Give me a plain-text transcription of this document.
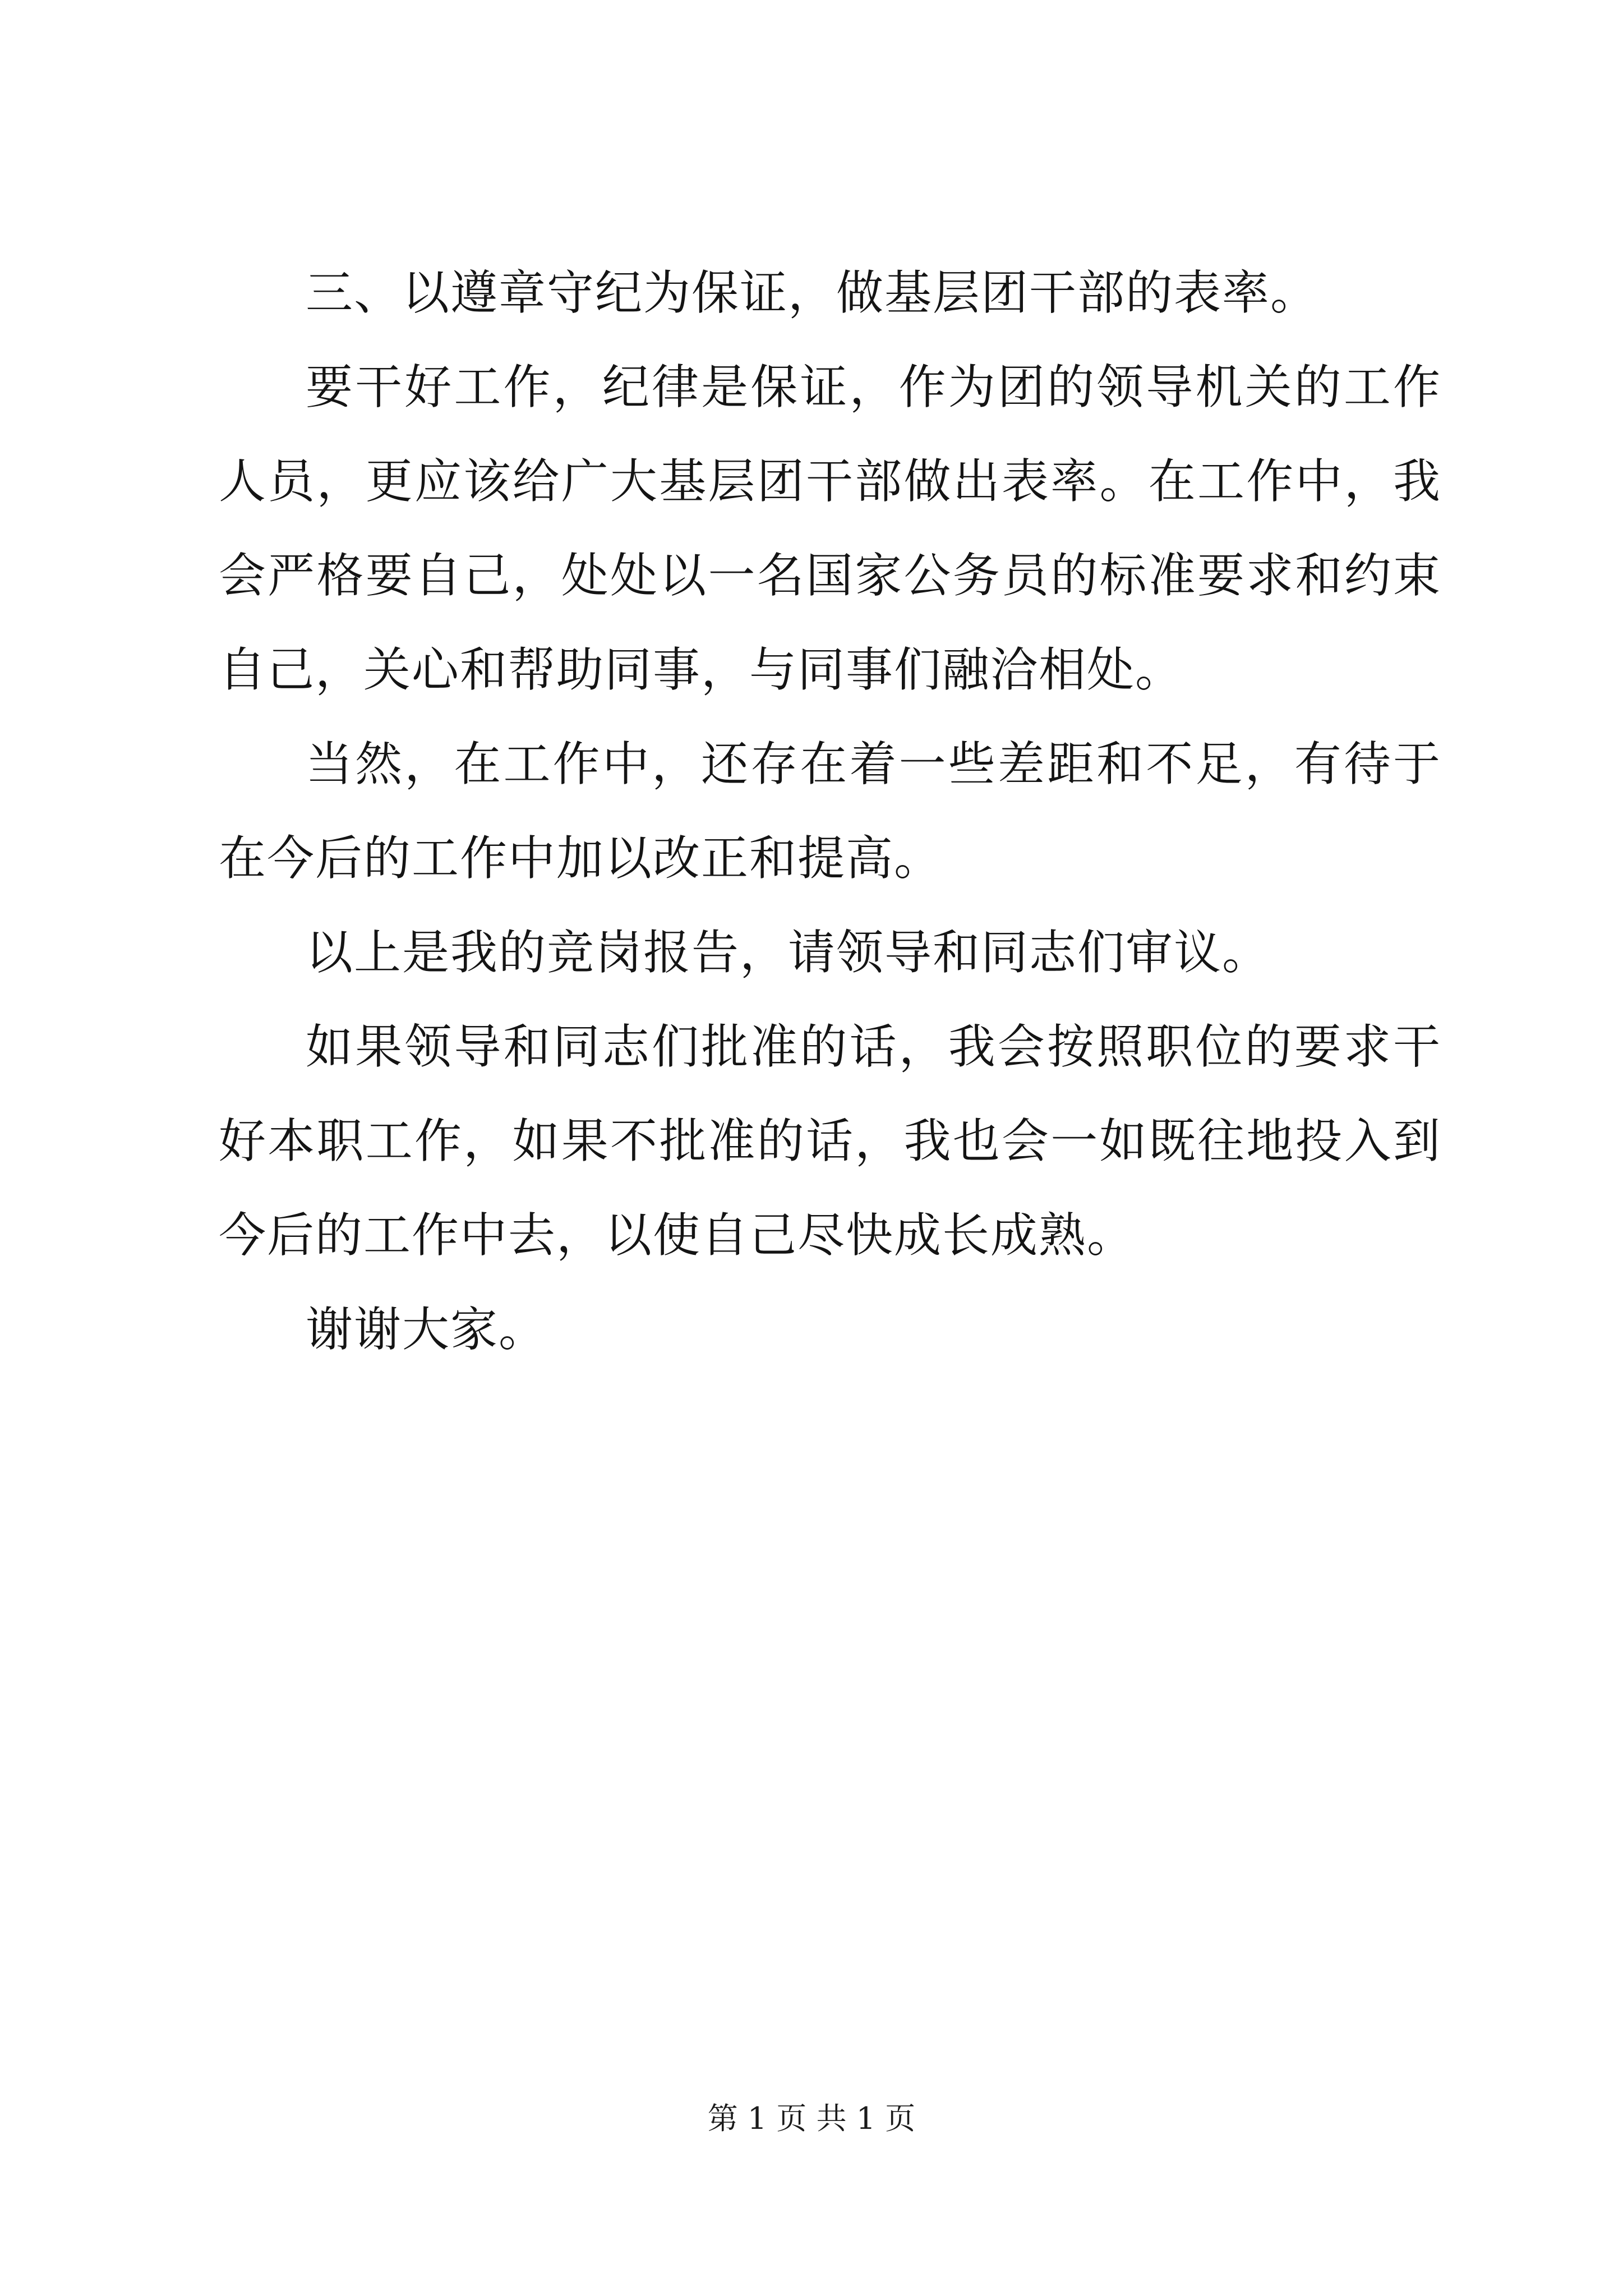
三、以遵章守纪为保证，做基层团干部的表率。

要干好工作，纪律是保证，作为团的领导机关的工作人员，更应该给广大基层团干部做出表率。在工作中，我会严格要自己，处处以一名国家公务员的标准要求和约束自己，关心和帮助同事，与同事们融洽相处。

当然，在工作中，还存在着一些差距和不足，有待于在今后的工作中加以改正和提高。

以上是我的竞岗报告，请领导和同志们审议。

如果领导和同志们批准的话，我会按照职位的要求干好本职工作，如果不批准的话，我也会一如既往地投入到今后的工作中去，以使自己尽快成长成熟。

谢谢大家。

第 1 页 共 1 页
